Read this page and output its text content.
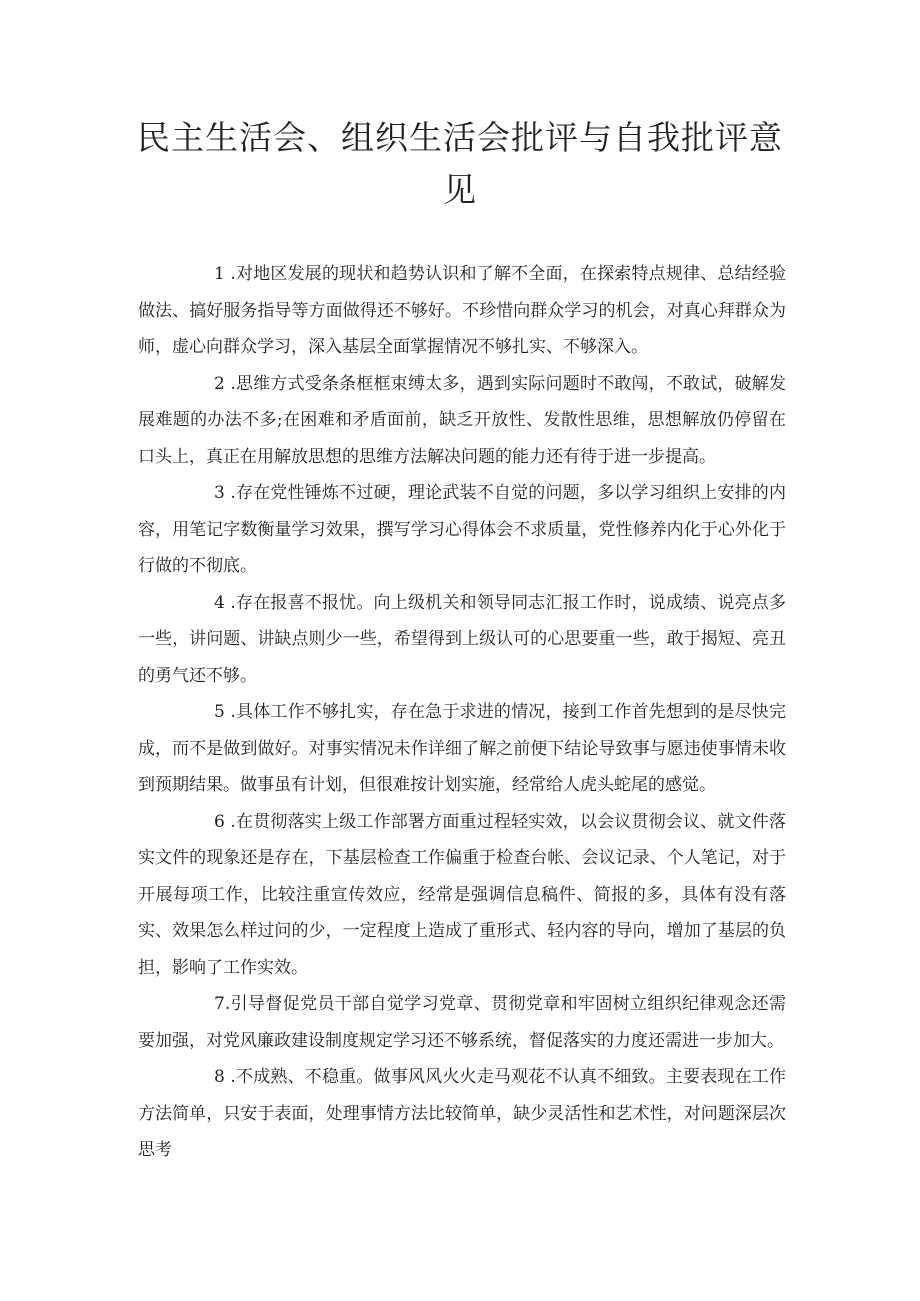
民主生活会、组织生活会批评与自我批评意
见

1 .对地区发展的现状和趋势认识和了解不全面，在探索特点规律、总结经验做法、搞好服务指导等方面做得还不够好。不珍惜向群众学习的机会，对真心拜群众为师，虚心向群众学习，深入基层全面掌握情况不够扎实、不够深入。

2 .思维方式受条条框框束缚太多，遇到实际问题时不敢闯，不敢试，破解发展难题的办法不多;在困难和矛盾面前，缺乏开放性、发散性思维，思想解放仍停留在口头上，真正在用解放思想的思维方法解决问题的能力还有待于进一步提高。

3 .存在党性锤炼不过硬，理论武装不自觉的问题，多以学习组织上安排的内容，用笔记字数衡量学习效果，撰写学习心得体会不求质量，党性修养内化于心外化于行做的不彻底。

4 .存在报喜不报忧。向上级机关和领导同志汇报工作时，说成绩、说亮点多一些，讲问题、讲缺点则少一些，希望得到上级认可的心思要重一些，敢于揭短、亮丑的勇气还不够。

5 .具体工作不够扎实，存在急于求进的情况，接到工作首先想到的是尽快完成，而不是做到做好。对事实情况未作详细了解之前便下结论导致事与愿违使事情未收到预期结果。做事虽有计划，但很难按计划实施，经常给人虎头蛇尾的感觉。

6 .在贯彻落实上级工作部署方面重过程轻实效，以会议贯彻会议、就文件落实文件的现象还是存在，下基层检查工作偏重于检查台帐、会议记录、个人笔记，对于开展每项工作，比较注重宣传效应，经常是强调信息稿件、简报的多，具体有没有落实、效果怎么样过问的少，一定程度上造成了重形式、轻内容的导向，增加了基层的负担，影响了工作实效。

7.引导督促党员干部自觉学习党章、贯彻党章和牢固树立组织纪律观念还需要加强，对党风廉政建设制度规定学习还不够系统，督促落实的力度还需进一步加大。

8 .不成熟、不稳重。做事风风火火走马观花不认真不细致。主要表现在工作方法简单，只安于表面，处理事情方法比较简单，缺少灵活性和艺术性，对问题深层次思考
